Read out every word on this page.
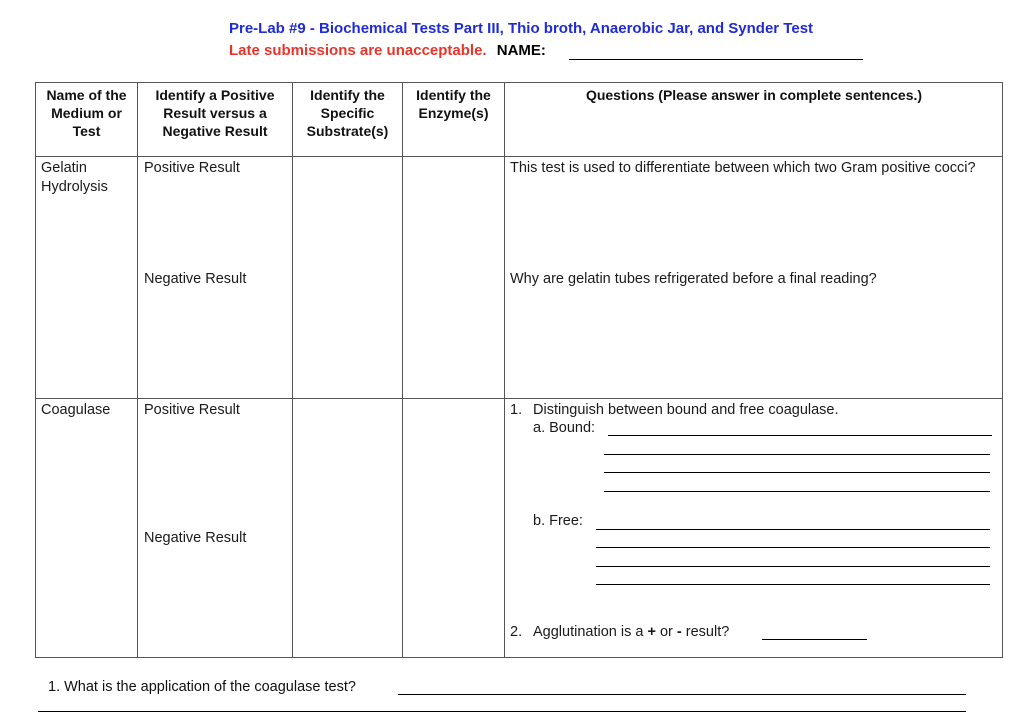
Pre-Lab #9 - Biochemical Tests Part III, Thio broth, Anaerobic Jar, and Synder Test
Late submissions are unacceptable. NAME:
Name of the Medium or Test
Identify a Positive Result versus a Negative Result
Identify the Specific Substrate(s)
Identify the Enzyme(s)
Questions (Please answer in complete sentences.)
Gelatin Hydrolysis
Positive Result
Negative Result
This test is used to differentiate between which two Gram positive cocci?
Why are gelatin tubes refrigerated before a final reading?
Coagulase Positive Result
Negative Result
1. Distinguish between bound and free coagulase.
a. Bound:
b. Free:
2. Agglutination is a + or - result?
1. What is the application of the coagulase test?
